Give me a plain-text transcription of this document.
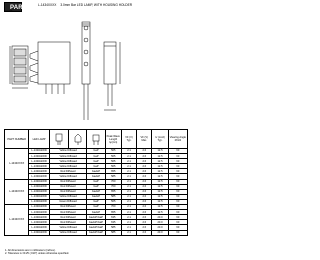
PARA
LIGHT
L-1434XXXX 3.0mm Bar LED LAMP, WITH HOUSING HOLDER
PART NUMBER	LED LAMP				Peak Wave Length λp(nm)	VF (V) Typ.	VF (V) Max.	Iv (mcd) Typ.	Viewing Angle 2θ1/2
L-1434XXXX	L-1434GD0D	Yellow Diffused		GaP	565	2.1	2.6	12.5	60
	L-1434GD0D	Yellow Diffused		GaP	565	2.1	2.6	12.5	60
	L-1434GD0D	Yellow Diffused		GaP	565	2.1	2.6	12.5	60
	L-1434GD0D	Yellow Diffused		GaP	565	2.1	2.6	12.5	60
	L-1434GD0D	Red Diffused		GaAsP	655	2.1	2.6	12.5	60
	L-1434GD0D	Yellow Diffused		GaAsP	585	2.1	2.6	12.5	60
L-1434XXXX	L-1434GD0D	Red Diffused		GaP	700	2.1	2.6	12.5	60
	L-1434GD0D	Red Diffused		GaP	700	2.1	2.6	12.5	60
	L-1434GD0D	Red Diffused		GaAsP	655	2.1	2.6	12.5	60
	L-1434GD0D	Yellow Diffused		GaAsP	585	2.1	2.6	12.5	60
	L-1434GD0D	Green Diffused		GaP	565	2.1	2.6	12.5	60
L-1434XXXX	L-1434GD0D	Red Diffused		GaP	700	2.1	2.6	12.5	60
	L-1434GD0D	Red Diffused		GaAsP	655	2.1	2.6	12.5	60
	L-1434GD0D	Red Diffused		GaAsP/GaP	635	2.1	2.6	20.0	60
	L-1434GD0D	Red Diffused		GaAsP/GaP	635	2.1	2.6	20.0	60
	L-1434GD0D	Yellow Diffused		GaAsP/GaP	585	2.1	2.6	20.0	60
	L-1434GD0D	Yellow Diffused		GaAsP/GaP	585	2.1	2.6	20.0	60
1. All dimensions are in millimeters (inches).
2. Tolerance is ±0.25 (.010") unless otherwise specified.
